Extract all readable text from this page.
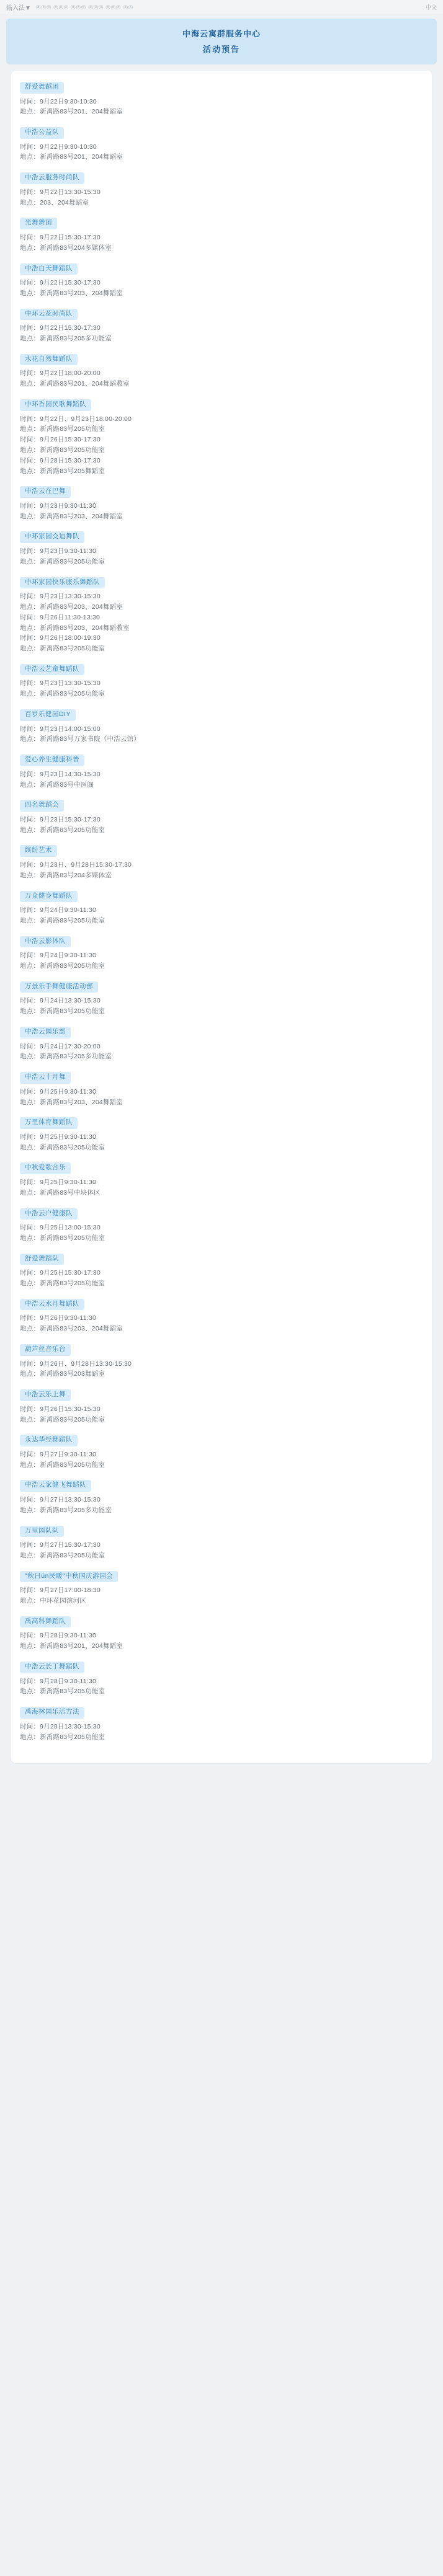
输入法▼ ◎◎◎ ◎◎◎ ◎◎◎ ◎◎◎ ◎◎◎ ◎◎	中文
中海云寓群服务中心
活动预告
舒爱舞蹈团
时间：9月22日9:30-10:30
地点：新禹路83号201、204舞蹈室
中浩公益队
时间：9月22日9:30-10:30
地点：新禹路83号201、204舞蹈室
中浩云服务时尚队
时间：9月22日13:30-15:30
地点：203、204舞蹈室
光舞舞团
时间：9月22日15:30-17:30
地点：新禹路83号204多媒体室
中浩白天舞蹈队
时间：9月22日15:30-17:30
地点：新禹路83号203、204舞蹈室
中环云花时尚队
时间：9月22日15:30-17:30
地点：新禹路83号205多功能室
水花自然舞蹈队
时间：9月22日18:00-20:00
地点：新禹路83号201、204舞蹈教室
中环香园民歌舞蹈队
时间：9月22日、9月23日18:00-20:00
地点：新禹路83号205功能室
时间：9月26日15:30-17:30
地点：新禹路83号205功能室
时间：9月28日15:30-17:30
地点：新禹路83号205舞蹈室
中浩云在巴舞
时间：9月23日9:30-11:30
地点：新禹路83号203、204舞蹈室
中环家园交谊舞队
时间：9月23日9:30-11:30
地点：新禹路83号205功能室
中环家园快乐康乐舞蹈队
时间：9月23日13:30-15:30
地点：新禹路83号203、204舞蹈室
时间：9月26日11:30-13:30
地点：新禹路83号203、204舞蹈教室
时间：9月26日18:00-19:30
地点：新禹路83号205功能室
中浩云艺童舞蹈队
时间：9月23日13:30-15:30
地点：新禹路83号205功能室
百岁乐健园DIY
时间：9月23日14:00-15:00
地点：新禹路83号万家书院（中浩云馆）
爱心养生健康科普
时间：9月23日14:30-15:30
地点：新禹路83号中医阁
四名舞蹈会
时间：9月23日15:30-17:30
地点：新禹路83号205功能室
缤纷艺术
时间：9月23日、9月28日15:30-17:30
地点：新禹路83号204多媒体室
万众健身舞蹈队
时间：9月24日9:30-11:30
地点：新禹路83号205功能室
中浩云影体队
时间：9月24日9:30-11:30
地点：新禹路83号205功能室
万景乐手舞健康活动部
时间：9月24日13:30-15:30
地点：新禹路83号205功能室
中浩云园乐部
时间：9月24日17:30-20:00
地点：新禹路83号205多功能室
中浩云十月舞
时间：9月25日9:30-11:30
地点：新禹路83号203、204舞蹈室
万里体育舞蹈队
时间：9月25日9:30-11:30
地点：新禹路83号205功能室
中秋爱歌合乐
时间：9月25日9:30-11:30
地点：新禹路83号中块体区
中浩云户健康队
时间：9月25日13:00-15:30
地点：新禹路83号205功能室
舒爱舞蹈队
时间：9月25日15:30-17:30
地点：新禹路83号205功能室
中浩云水月舞蹈队
时间：9月26日9:30-11:30
地点：新禹路83号203、204舞蹈室
葫芦丝音乐台
时间：9月26日、9月28日13:30-15:30
地点：新禹路83号203舞蹈室
中浩云乐上舞
时间：9月26日15:30-15:30
地点：新禹路83号205功能室
永达华经舞蹈队
时间：9月27日9:30-11:30
地点：新禹路83号205功能室
中浩云家健飞舞蹈队
时间：9月27日13:30-15:30
地点：新禹路83号205多功能室
万里园队队
时间：9月27日15:30-17:30
地点：新禹路83号205功能室
"秋日ún民暖"中秋国庆游园会
时间：9月27日17:00-18:30
地点：中环花园滨河区
禹高科舞蹈队
时间：9月28日9:30-11:30
地点：新禹路83号201、204舞蹈室
中浩云长丁舞蹈队
时间：9月28日9:30-11:30
地点：新禹路83号205功能室
禹海林园乐活方法
时间：9月28日13:30-15:30
地点：新禹路83号205功能室
